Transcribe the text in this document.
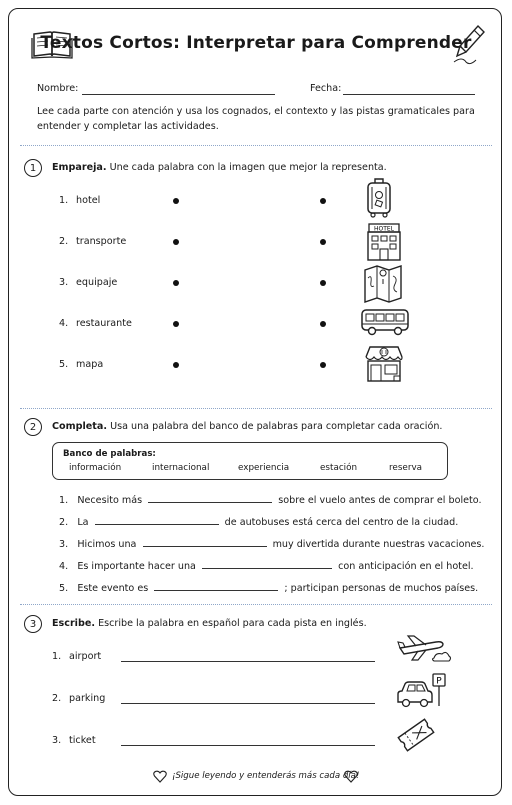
Textos Cortos: Interpretar para Comprender
Nombre:	Fecha:
Lee cada parte con atención y usa los cognados, el contexto y las pistas gramaticales para entender y completar las actividades.
1	Empareja. Une cada palabra con la imagen que mejor la representa.
1. hotel
2. transporte
3. equipaje
4. restaurante
5. mapa
HOTEL
2	Completa. Usa una palabra del banco de palabras para completar cada oración.
Banco de palabras:
información	internacional	experiencia	estación	reserva
1. Necesito más	sobre el vuelo antes de comprar el boleto.
2. La	de autobuses está cerca del centro de la ciudad.
3. Hicimos una	muy divertida durante nuestras vacaciones.
4. Es importante hacer una	con anticipación en el hotel.
5. Este evento es	; participan personas de muchos países.
3	Escribe. Escribe la palabra en español para cada pista en inglés.
1. airport
2. parking
3. ticket
P
¡Sigue leyendo y entenderás más cada día!
